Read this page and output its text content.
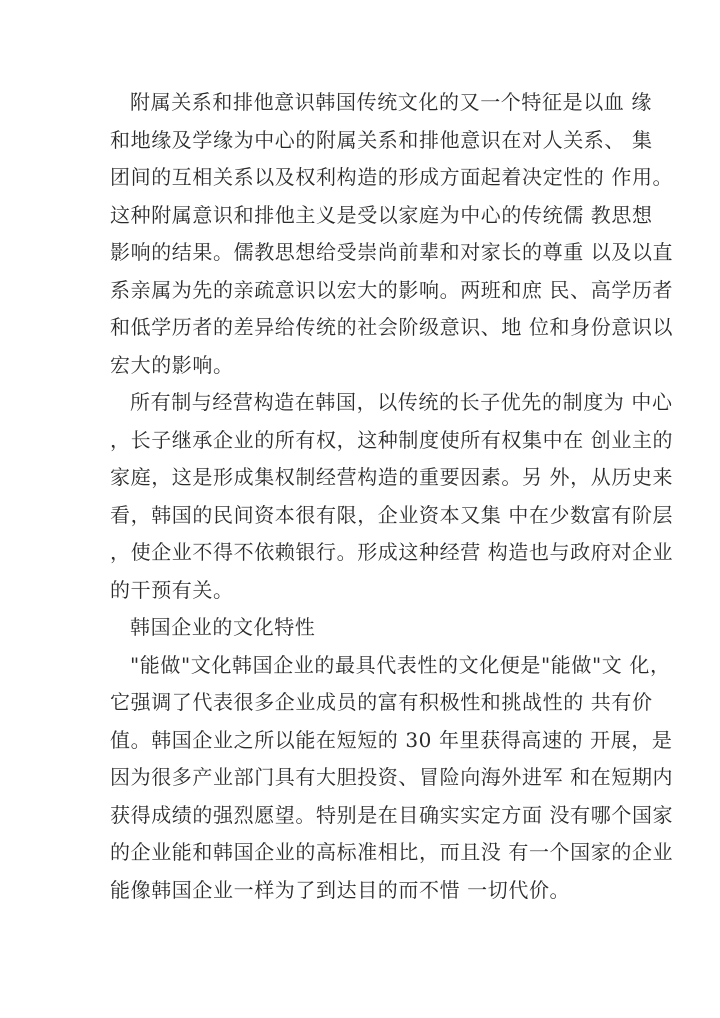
附属关系和排他意识韩国传统文化的又一个特征是以血 缘
和地缘及学缘为中心的附属关系和排他意识在对人关系、 集
团间的互相关系以及权利构造的形成方面起着决定性的 作用。
这种附属意识和排他主义是受以家庭为中心的传统儒 教思想
影响的结果。儒教思想给受崇尚前辈和对家长的尊重 以及以直
系亲属为先的亲疏意识以宏大的影响。两班和庶 民、高学历者
和低学历者的差异给传统的社会阶级意识、地 位和身份意识以
宏大的影响。
所有制与经营构造在韩国，以传统的长子优先的制度为 中心
，长子继承企业的所有权，这种制度使所有权集中在 创业主的
家庭，这是形成集权制经营构造的重要因素。另 外，从历史来
看，韩国的民间资本很有限，企业资本又集 中在少数富有阶层
，使企业不得不依赖银行。形成这种经营 构造也与政府对企业
的干预有关。
韩国企业的文化特性
"能做"文化韩国企业的最具代表性的文化便是"能做"文 化，
它强调了代表很多企业成员的富有积极性和挑战性的 共有价
值。韩国企业之所以能在短短的 30 年里获得高速的 开展，是
因为很多产业部门具有大胆投资、冒险向海外进军 和在短期内
获得成绩的强烈愿望。特别是在目确实实定方面 没有哪个国家
的企业能和韩国企业的高标准相比，而且没 有一个国家的企业
能像韩国企业一样为了到达目的而不惜 一切代价。
